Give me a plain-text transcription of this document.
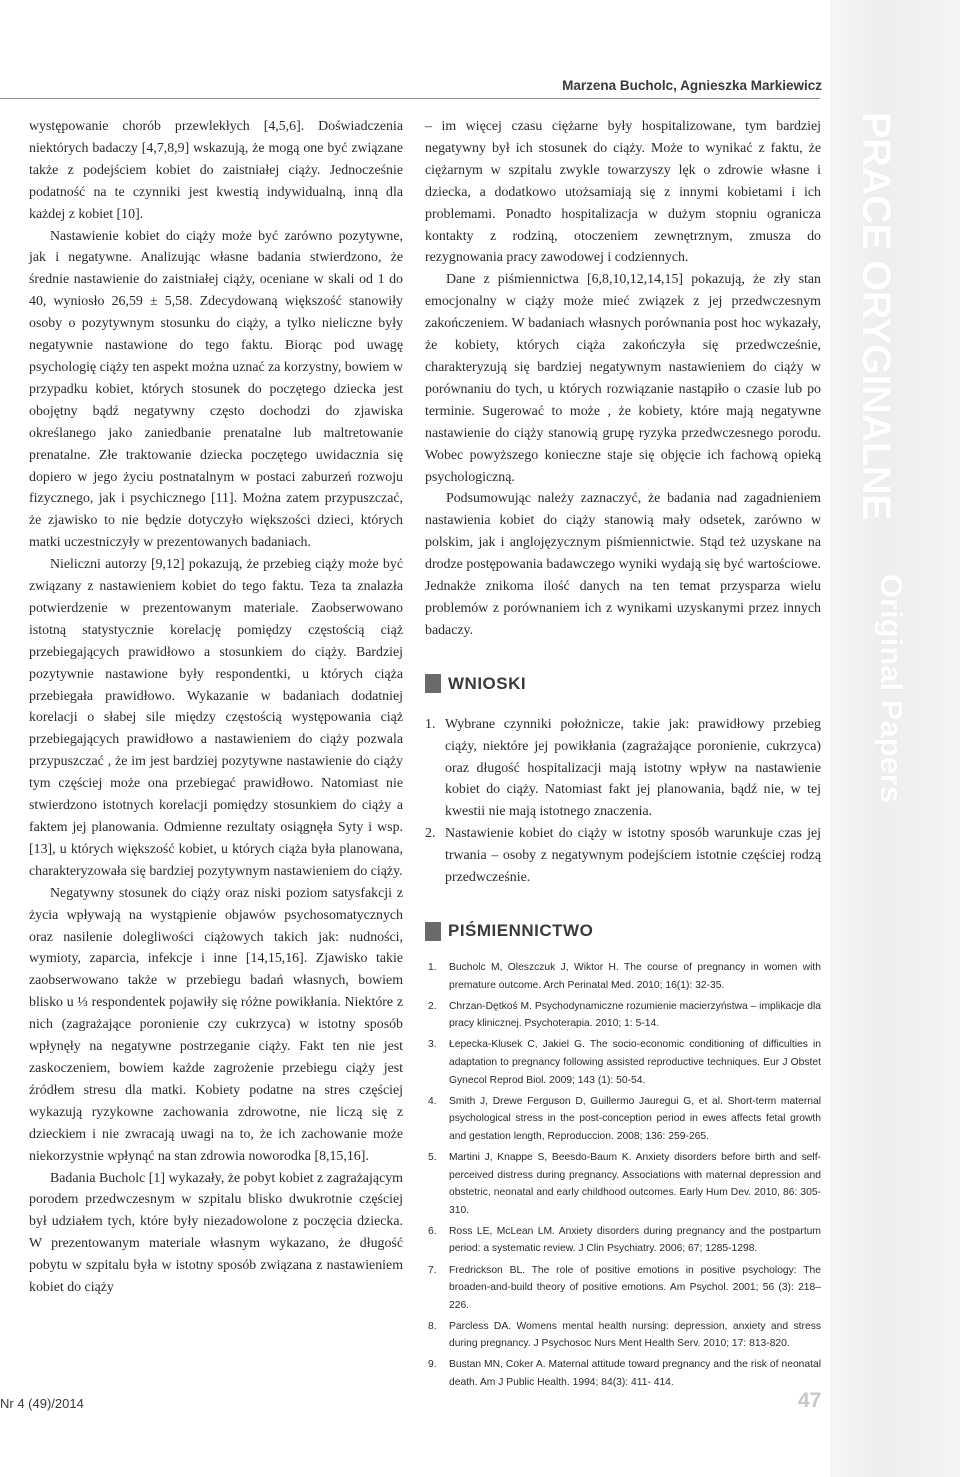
Marzena Bucholc, Agnieszka Markiewicz
PRACE ORYGINALNE
Original Papers

występowanie chorób przewlekłych [4,5,6]. Doświadczenia niektórych badaczy [4,7,8,9] wskazują, że mogą one być związane także z podejściem kobiet do zaistniałej ciąży. Jednocześnie podatność na te czynniki jest kwestią indywidualną, inną dla każdej z kobiet [10].

Nastawienie kobiet do ciąży może być zarówno pozytywne, jak i negatywne. Analizując własne badania stwierdzono, że średnie nastawienie do zaistniałej ciąży, oceniane w skali od 1 do 40, wyniosło 26,59 ± 5,58. Zdecydowaną większość stanowiły osoby o pozytywnym stosunku do ciąży, a tylko nieliczne były negatywnie nastawione do tego faktu. Biorąc pod uwagę psychologię ciąży ten aspekt można uznać za korzystny, bowiem w przypadku kobiet, których stosunek do poczętego dziecka jest obojętny bądź negatywny często dochodzi do zjawiska określanego jako zaniedbanie prenatalne lub maltretowanie prenatalne. Złe traktowanie dziecka poczętego uwidacznia się dopiero w jego życiu postnatalnym w postaci zaburzeń rozwoju fizycznego, jak i psychicznego [11]. Można zatem przypuszczać, że zjawisko to nie będzie dotyczyło większości dzieci, których matki uczestniczyły w prezentowanych badaniach.

Nieliczni autorzy [9,12] pokazują, że przebieg ciąży może być związany z nastawieniem kobiet do tego faktu. Teza ta znalazła potwierdzenie w prezentowanym materiale. Zaobserwowano istotną statystycznie korelację pomiędzy częstością ciąż przebiegających prawidłowo a stosunkiem do ciąży. Bardziej pozytywnie nastawione były respondentki, u których ciąża przebiegała prawidłowo. Wykazanie w badaniach dodatniej korelacji o słabej sile między częstością występowania ciąż przebiegających prawidłowo a nastawieniem do ciąży pozwala przypuszczać , że im jest bardziej pozytywne nastawienie do ciąży tym częściej może ona przebiegać prawidłowo. Natomiast nie stwierdzono istotnych korelacji pomiędzy stosunkiem do ciąży a faktem jej planowania. Odmienne rezultaty osiągnęła Syty i wsp. [13], u których większość kobiet, u których ciąża była planowana, charakteryzowała się bardziej pozytywnym nastawieniem do ciąży.

Negatywny stosunek do ciąży oraz niski poziom satysfakcji z życia wpływają na wystąpienie objawów psychosomatycznych oraz nasilenie dolegliwości ciążowych takich jak: nudności, wymioty, zaparcia, infekcje i inne [14,15,16]. Zjawisko takie zaobserwowano także w przebiegu badań własnych, bowiem blisko u ⅓ respondentek pojawiły się różne powikłania. Niektóre z nich (zagrażające poronienie czy cukrzyca) w istotny sposób wpłynęły na negatywne postrzeganie ciąży. Fakt ten nie jest zaskoczeniem, bowiem każde zagrożenie przebiegu ciąży jest źródłem stresu dla matki. Kobiety podatne na stres częściej wykazują ryzykowne zachowania zdrowotne, nie liczą się z dzieckiem i nie zwracają uwagi na to, że ich zachowanie może niekorzystnie wpłynąć na stan zdrowia noworodka [8,15,16].

Badania Bucholc [1] wykazały, że pobyt kobiet z zagrażającym porodem przedwczesnym w szpitalu blisko dwukrotnie częściej był udziałem tych, które były niezadowolone z poczęcia dziecka. W prezentowanym materiale własnym wykazano, że długość pobytu w szpitalu była w istotny sposób związana z nastawieniem kobiet do ciąży

– im więcej czasu ciężarne były hospitalizowane, tym bardziej negatywny był ich stosunek do ciąży. Może to wynikać z faktu, że ciężarnym w szpitalu zwykle towarzyszy lęk o zdrowie własne i dziecka, a dodatkowo utożsamiają się z innymi kobietami i ich problemami. Ponadto hospitalizacja w dużym stopniu ogranicza kontakty z rodziną, otoczeniem zewnętrznym, zmusza do rezygnowania pracy zawodowej i codziennych.

Dane z piśmiennictwa [6,8,10,12,14,15] pokazują, że zły stan emocjonalny w ciąży może mieć związek z jej przedwczesnym zakończeniem. W badaniach własnych porównania post hoc wykazały, że kobiety, których ciąża zakończyła się przedwcześnie, charakteryzują się bardziej negatywnym nastawieniem do ciąży w porównaniu do tych, u których rozwiązanie nastąpiło o czasie lub po terminie. Sugerować to może , że kobiety, które mają negatywne nastawienie do ciąży stanowią grupę ryzyka przedwczesnego porodu. Wobec powyższego konieczne staje się objęcie ich fachową opieką psychologiczną.

Podsumowując należy zaznaczyć, że badania nad zagadnieniem nastawienia kobiet do ciąży stanowią mały odsetek, zarówno w polskim, jak i anglojęzycznym piśmiennictwie. Stąd też uzyskane na drodze postępowania badawczego wyniki wydają się być wartościowe. Jednakże znikoma ilość danych na ten temat przysparza wielu problemów z porównaniem ich z wynikami uzyskanymi przez innych badaczy.

WNIOSKI
1. Wybrane czynniki położnicze, takie jak: prawidłowy przebieg ciąży, niektóre jej powikłania (zagrażające poronienie, cukrzyca) oraz długość hospitalizacji mają istotny wpływ na nastawienie kobiet do ciąży. Natomiast fakt jej planowania, bądź nie, w tej kwestii nie mają istotnego znaczenia.
2. Nastawienie kobiet do ciąży w istotny sposób warunkuje czas jej trwania – osoby z negatywnym podejściem istotnie częściej rodzą przedwcześnie.
PIŚMIENNICTWO
1.	Bucholc M, Oleszczuk J, Wiktor H. The course of pregnancy in women with premature outcome. Arch Perinatal Med. 2010; 16(1): 32-35.
2.	Chrzan-Dętkoś M. Psychodynamiczne rozumienie macierzyństwa – implikacje dla pracy klinicznej. Psychoterapia. 2010; 1: 5-14.
3.	Łepecka-Klusek C, Jakiel G. The socio-economic conditioning of difficulties in adaptation to pregnancy following assisted reproductive techniques. Eur J Obstet Gynecol Reprod Biol. 2009; 143 (1): 50-54.
4.	Smith J, Drewe Ferguson D, Guillermo Jauregui G, et al. Short-term maternal psychological stress in the post-conception period in ewes affects fetal growth and gestation length, Reproduccion. 2008; 136: 259-265.
5.	Martini J, Knappe S, Beesdo-Baum K. Anxiety disorders before birth and self-perceived distress during pregnancy. Associations with maternal depression and obstetric, neonatal and early childhood outcomes. Early Hum Dev. 2010, 86: 305-310.
6.	Ross LE, McLean LM. Anxiety disorders during pregnancy and the postpartum period: a systematic review. J Clin Psychiatry. 2006; 67; 1285-1298.
7.	Fredrickson BL. The role of positive emotions in positive psychology: The broaden-and-build theory of positive emotions. Am Psychol. 2001; 56 (3): 218–226.
8.	Parcless DA. Womens mental health nursing: depression, anxiety and stress during pregnancy. J Psychosoc Nurs Ment Health Serv. 2010; 17: 813-820.
9.	Bustan MN, Coker A. Maternal attitude toward pregnancy and the risk of neonatal death. Am J Public Health. 1994; 84(3): 411- 414.
Nr 4 (49)/2014	47
